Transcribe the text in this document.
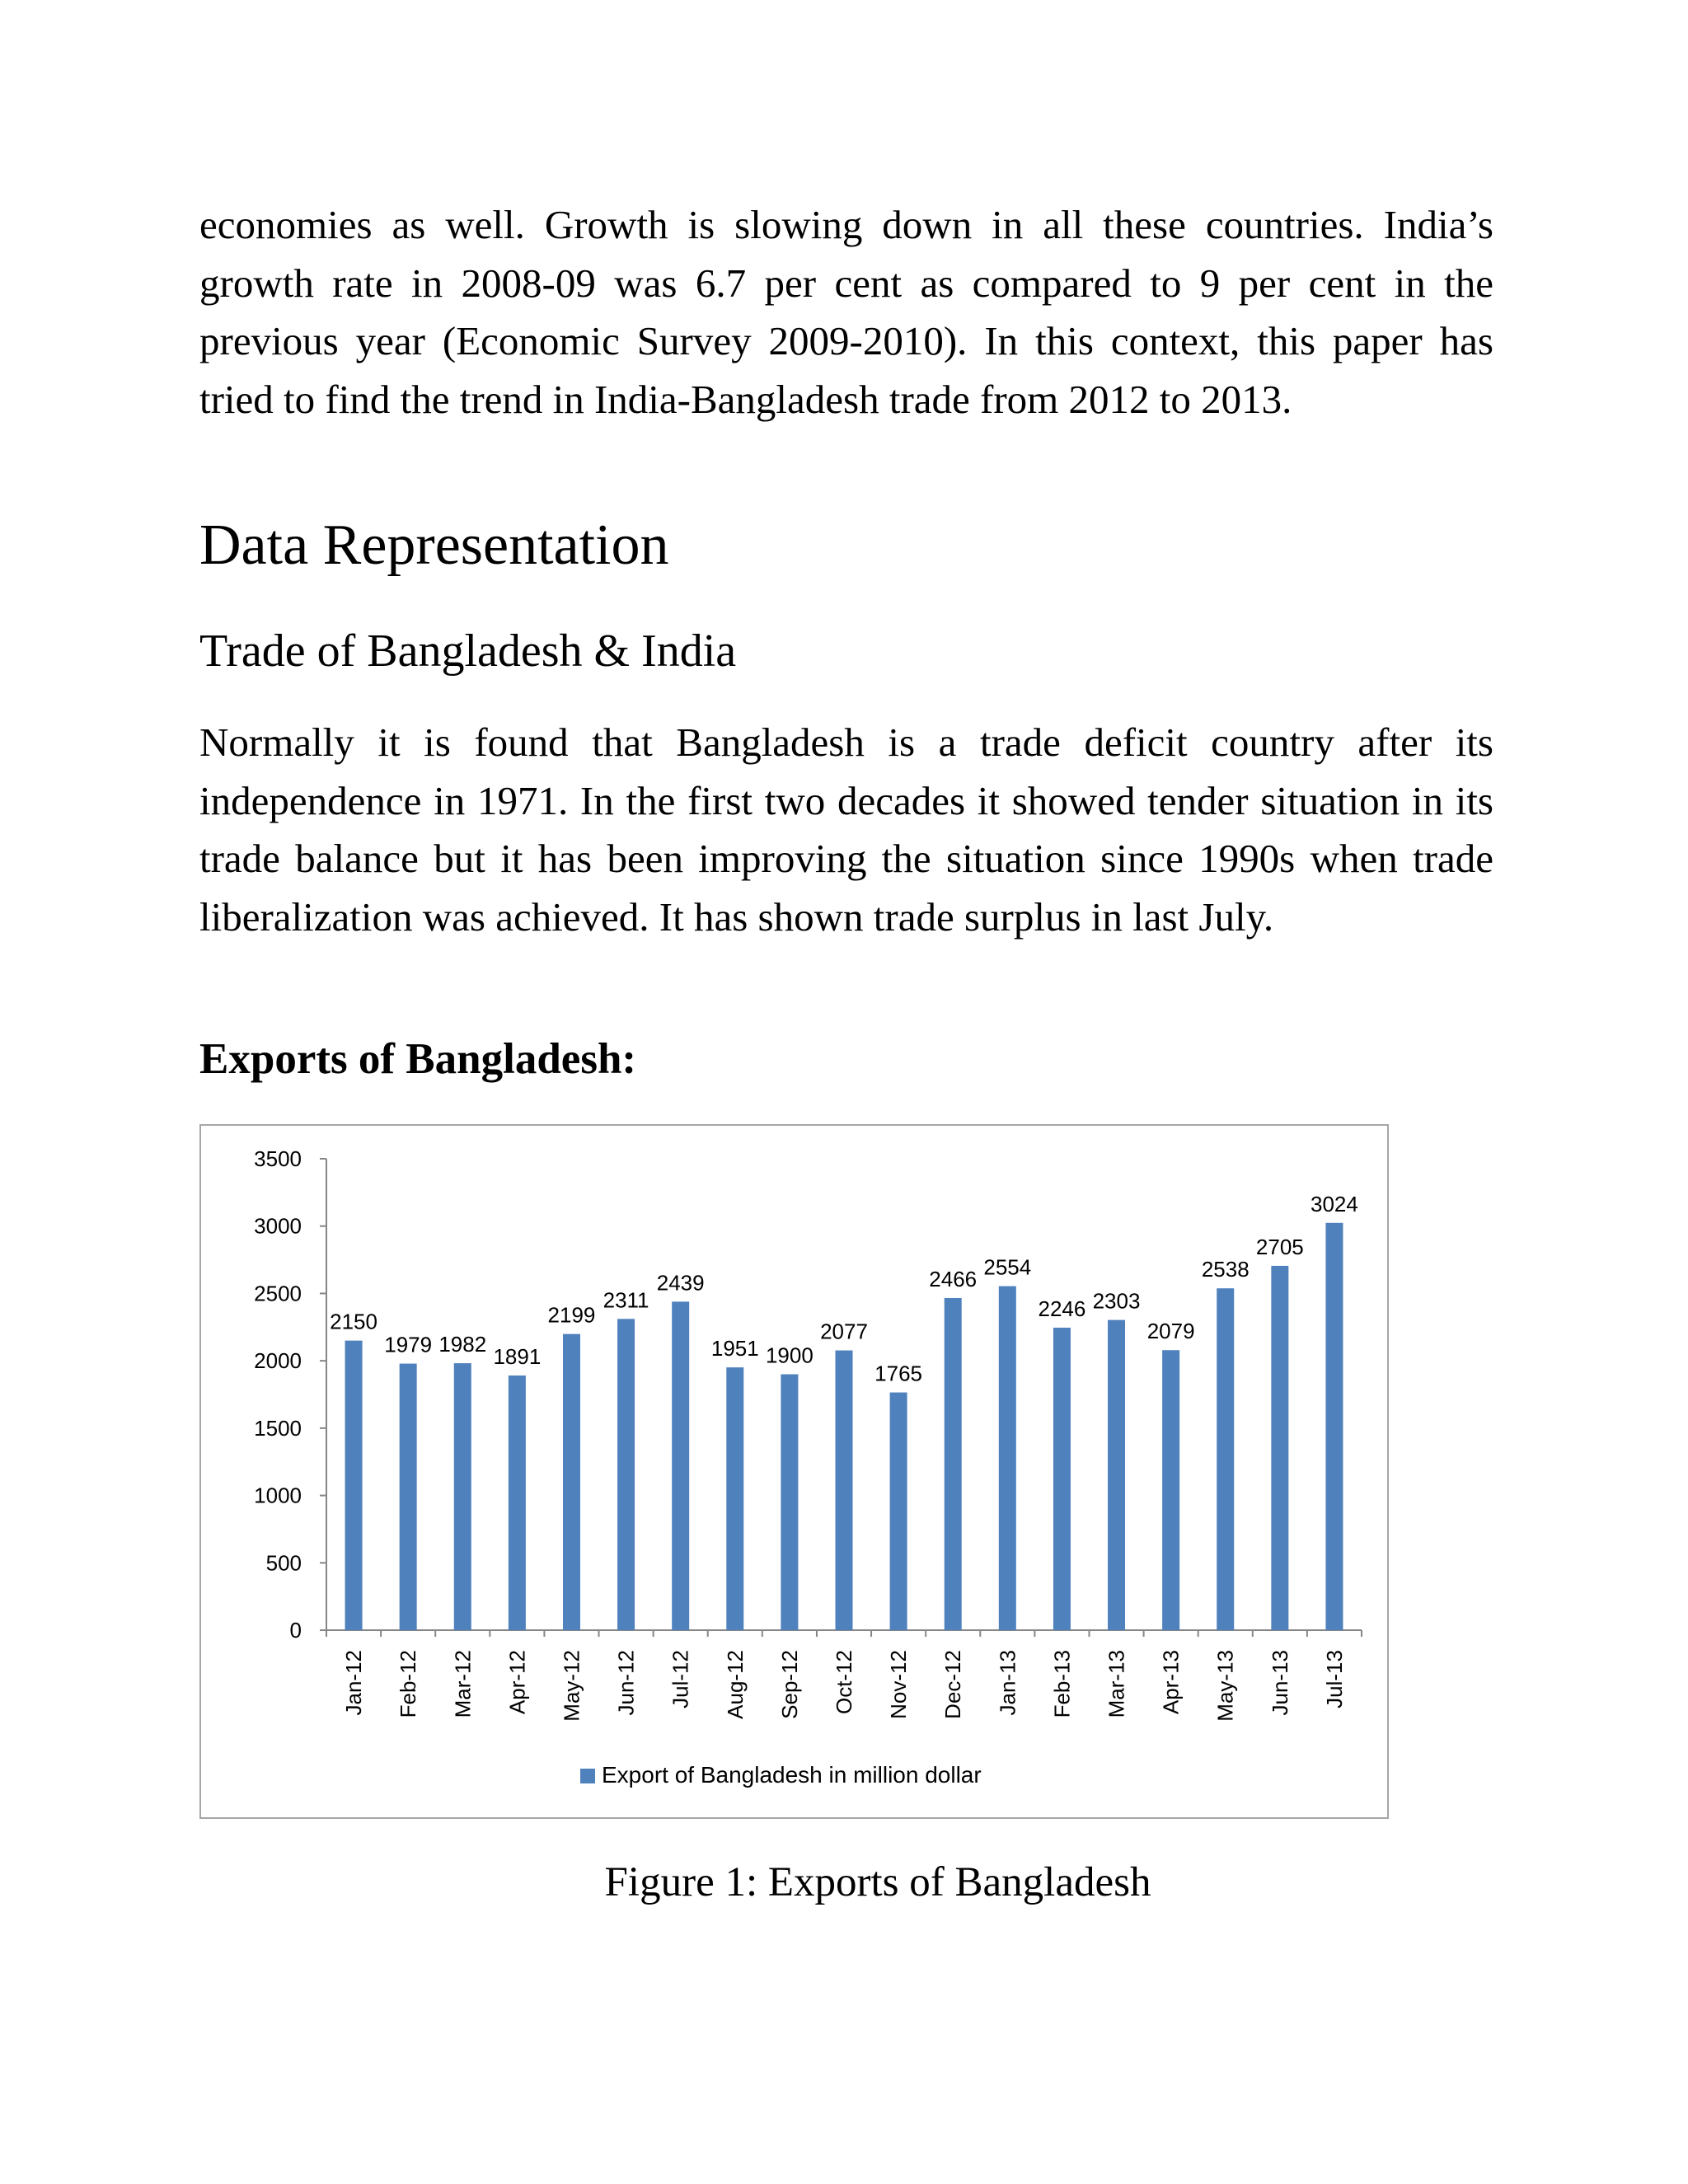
economies as well. Growth is slowing down in all these countries. India’s growth rate in 2008-09 was 6.7 per cent as compared to 9 per cent in the previous year (Economic Survey 2009-2010). In this context, this paper has tried to find the trend in India-Bangladesh trade from 2012 to 2013.

Data Representation
Trade of Bangladesh & India

Normally it is found that Bangladesh is a trade deficit country after its independence in 1971. In the first two decades it showed tender situation in its trade balance but it has been improving the situation since 1990s when trade liberalization was achieved. It has shown trade surplus in last July.

Exports of Bangladesh:
0
500
1000
1500
2000
2500
3000
3500
2150
Jan-12
1979
Feb-12
1982
Mar-12
1891
Apr-12
2199
May-12
2311
Jun-12
2439
Jul-12
1951
Aug-12
1900
Sep-12
2077
Oct-12
1765
Nov-12
2466
Dec-12
2554
Jan-13
2246
Feb-13
2303
Mar-13
2079
Apr-13
2538
May-13
2705
Jun-13
3024
Jul-13
Export of Bangladesh in million dollar

Figure 1: Exports of Bangladesh
